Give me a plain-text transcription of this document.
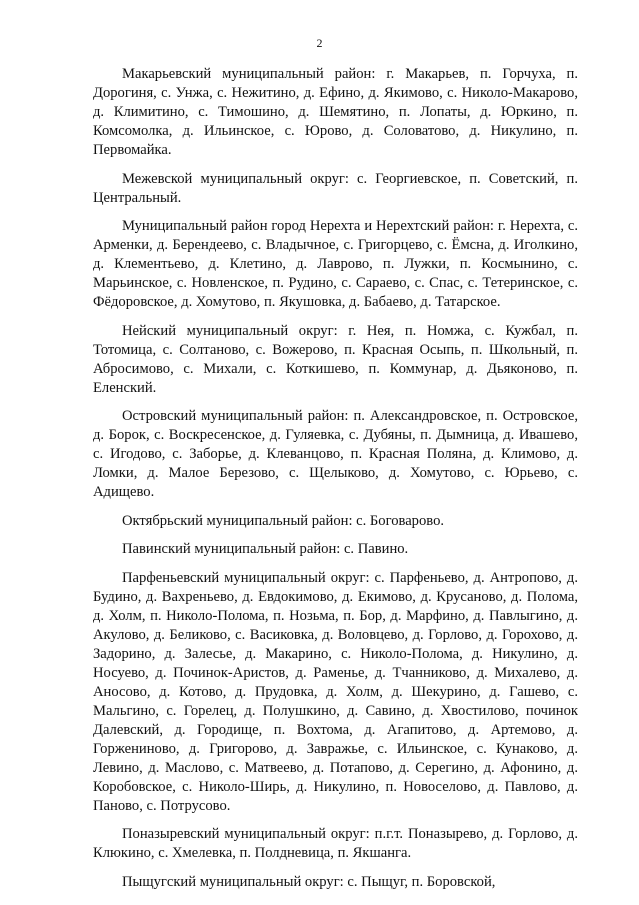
2

Макарьевский муниципальный район: г. Макарьев, п. Горчуха, п. Дорогиня, с. Унжа, с. Нежитино, д. Ефино, д. Якимово, с. Николо-Макарово, д. Климитино, с. Тимошино, д. Шемятино, п. Лопаты, д. Юркино, п. Комсомолка, д. Ильинское, с. Юрово, д. Соловатово, д. Никулино, п. Первомайка.

Межевской муниципальный округ: с. Георгиевское, п. Советский, п. Центральный.

Муниципальный район город Нерехта и Нерехтский район: г. Нерехта, с. Арменки, д. Берендеево, с. Владычное, с. Григорцево, с. Ёмсна, д. Иголкино, д. Клементьево, д. Клетино, д. Лаврово, п. Лужки, п. Космынино, с. Марьинское, с. Новленское, п. Рудино, с. Сараево, с. Спас, с. Тетеринское, с. Фёдоровское, д. Хомутово, п. Якушовка, д. Бабаево, д. Татарское.

Нейский муниципальный округ: г. Нея, п. Номжа, с. Кужбал, п. Тотомица, с. Солтаново, с. Вожерово, п. Красная Осыпь, п. Школьный, п. Абросимово, с. Михали, с. Коткишево, п. Коммунар, д. Дьяконово, п. Еленский.

Островский муниципальный район: п. Александровское, п. Островское, д. Борок, с. Воскресенское, д. Гуляевка, с. Дубяны, п. Дымница, д. Ивашево, с. Игодово, с. Заборье, д. Клеванцово, п. Красная Поляна, д. Климово, д. Ломки, д. Малое Березово, с. Щелыково, д. Хомутово, с. Юрьево, с. Адищево.

Октябрьский муниципальный район: с. Боговарово.

Павинский муниципальный район: с. Павино.

Парфеньевский муниципальный округ: с. Парфеньево, д. Антропово, д. Будино, д. Вахреньево, д. Евдокимово, д. Екимово, д. Крусаново, д. Полома, д. Холм, п. Николо-Полома, п. Нозьма, п. Бор, д. Марфино, д. Павлыгино, д. Акулово, д. Беликово, с. Васиковка, д. Воловцево, д. Горлово, д. Горохово, д. Задорино, д. Залесье, д. Макарино, с. Николо-Полома, д. Никулино, д. Носуево, д. Починок-Аристов, д. Раменье, д. Тчанниково, д. Михалево, д. Аносово, д. Котово, д. Прудовка, д. Холм, д. Шекурино, д. Гашево, с. Мальгино, с. Горелец, д. Полушкино, д. Савино, д. Хвостилово, починок Далевский, д. Городище, п. Вохтома, д. Агапитово, д. Артемово, д. Горженинoво, д. Григорово, д. Завражье, с. Ильинское, с. Кунаково, д. Левино, д. Маслово, с. Матвеево, д. Потапово, д. Серегино, д. Афонино, д. Коробовское, с. Николо-Ширь, д. Никулино, п. Новоселово, д. Павлово, д. Паново, с. Потрусово.

Поназыревский муниципальный округ: п.г.т. Поназырево, д. Горлово, д. Клюкино, с. Хмелевка, п. Полдневица, п. Якшанга.

Пыщугский муниципальный округ: с. Пыщуг, п. Боровской,
